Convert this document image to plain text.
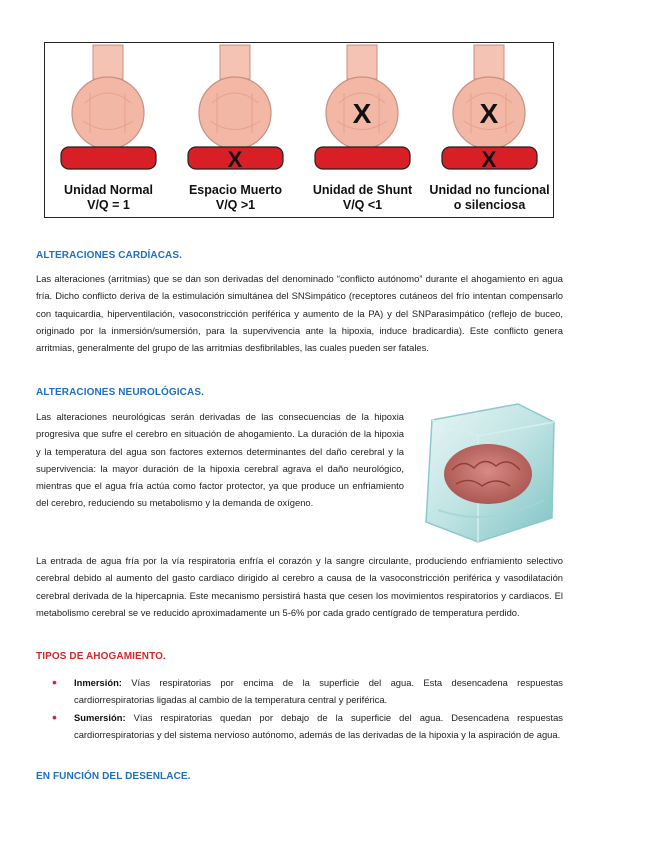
Unidad Normal
V/Q = 1
X
Espacio Muerto
V/Q >1
X
Unidad de Shunt
V/Q <1
X
X
Unidad no funcional
o silenciosa
ALTERACIONES CARDÍACAS.

Las alteraciones (arritmias) que se dan son derivadas del denominado “conflicto autónomo” durante el ahogamiento en agua fría. Dicho conflicto deriva de la estimulación simultánea del SNSimpático (receptores cutáneos del frío intentan compensarlo con taquicardia, hiperventilación, vasoconstricción periférica y aumento de la PA) y del SNParasimpático (reflejo de buceo, originado por la inmersión/sumersión, para la supervivencia ante la hipoxia, induce bradicardia). Este conflicto genera arritmias, generalmente del grupo de las arritmias desfibrilables, las cuales pueden ser fatales.

ALTERACIONES NEUROLÓGICAS.

Las alteraciones neurológicas serán derivadas de las consecuencias de la hipoxia progresiva que sufre el cerebro en situación de ahogamiento. La duración de la hipoxia y la temperatura del agua son factores externos determinantes del daño cerebral y la supervivencia: la mayor duración de la hipoxia cerebral agrava el daño neurológico, mientras que el agua fría actúa como factor protector, ya que produce un enfriamiento del cerebro, reduciendo su metabolismo y la demanda de oxígeno.

La entrada de agua fría por la vía respiratoria enfría el corazón y la sangre circulante, produciendo enfriamiento selectivo cerebral debido al aumento del gasto cardiaco dirigido al cerebro a causa de la vasoconstricción periférica y vasodilatación cerebral derivada de la hipercapnia. Este mecanismo persistirá hasta que cesen los movimientos respiratorios y cardiacos. El metabolismo cerebral se ve reducido aproximadamente un 5-6% por cada grado centígrado de temperatura perdido.

TIPOS DE AHOGAMIENTO.
• Inmersión: Vías respiratorias por encima de la superficie del agua. Esta desencadena respuestas cardiorrespiratorias ligadas al cambio de la temperatura central y periférica.
• Sumersión: Vías respiratorias quedan por debajo de la superficie del agua. Desencadena respuestas cardiorrespiratorias y del sistema nervioso autónomo, además de las derivadas de la hipoxia y la aspiración de agua.
EN FUNCIÓN DEL DESENLACE.
